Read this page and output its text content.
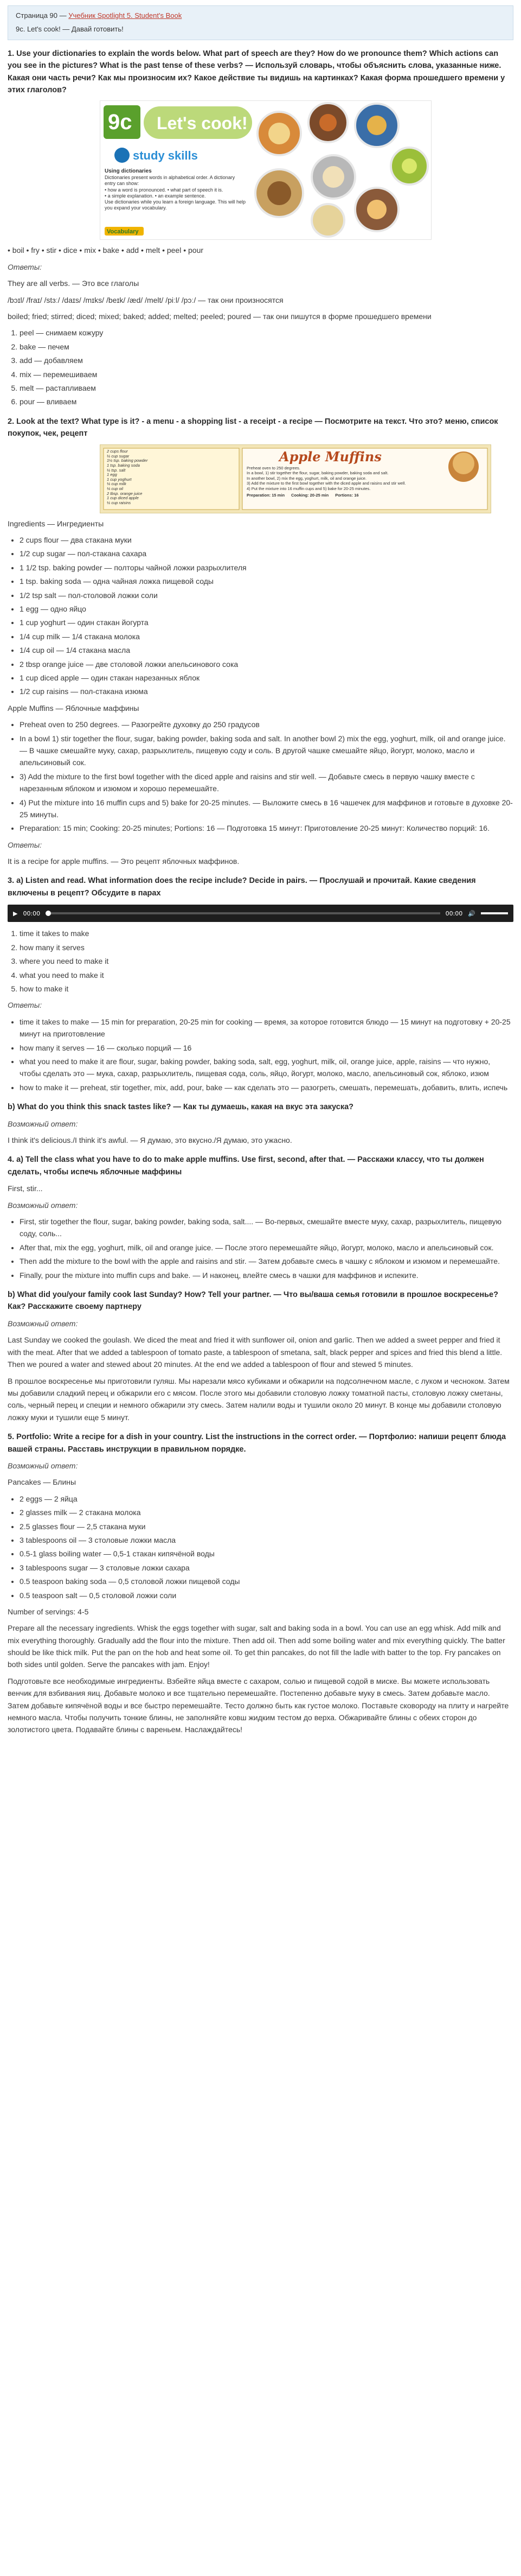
Страница 90 — Учебник Spotlight 5. Student's Book
9c. Let's cook! — Давай готовить!
1. Use your dictionaries to explain the words below. What part of speech are they? How do we pronounce them? Which actions can you see in the pictures? What is the past tense of these verbs? — Используй словарь, чтобы объяснить слова, указанные ниже. Какая они часть речи? Как мы произносим их? Какое действие ты видишь на картинках? Какая форма прошедшего времени у этих глаголов?
9c Let's cook!
study skills
Using dictionaries
Dictionaries present words in alphabetical order. A dictionary entry can show:
• how a word is pronounced. • what part of speech it is.
• a simple explanation. • an example sentence.
Use dictionaries while you learn a foreign language. This will help you expand your vocabulary.
Vocabulary

• boil • fry • stir • dice • mix • bake • add • melt • peel • pour

Ответы:

They are all verbs. — Это все глаголы

/bɔɪl/ /fraɪ/ /stɜː/ /daɪs/ /mɪks/ /beɪk/ /æd/ /melt/ /piːl/ /pɔː/ — так они произносятся

boiled; fried; stirred; diced; mixed; baked; added; melted; peeled; poured — так они пишутся в форме прошедшего времени

1. peel — снимаем кожуру
2. bake — печем
3. add — добавляем
4. mix — перемешиваем
5. melt — растапливаем
6. pour — вливаем
2. Look at the text? What type is it? - a menu - a shopping list - a receipt - a recipe — Посмотрите на текст. Что это? меню, список покупок, чек, рецепт
Apple Muffins
2 cups flour
½ cup sugar
1½ tsp. baking powder
1 tsp. baking soda
½ tsp. salt
1 egg
1 cup yoghurt
¼ cup milk
¼ cup oil
2 tbsp. orange juice
1 cup diced apple
½ cup raisins
Preheat oven to 250 degrees.
In a bowl, 1) stir together the flour, sugar, baking powder, baking soda and salt.
In another bowl, 2) mix the egg, yoghurt, milk, oil and orange juice.
3) Add the mixture to the first bowl together with the diced apple and raisins and stir well.
4) Put the mixture into 16 muffin cups and 5) bake for 20-25 minutes.
Preparation: 15 min Cooking: 20-25 min Portions: 16

Ingredients — Ингредиенты

• 2 cups flour — два стакана муки
• 1/2 cup sugar — пол-стакана сахара
• 1 1/2 tsp. baking powder — полторы чайной ложки разрыхлителя
• 1 tsp. baking soda — одна чайная ложка пищевой соды
• 1/2 tsp salt — пол-столовой ложки соли
• 1 egg — одно яйцо
• 1 cup yoghurt — один стакан йогурта
• 1/4 cup milk — 1/4 стакана молока
• 1/4 cup oil — 1/4 стакана масла
• 2 tbsp orange juice — две столовой ложки апельсинового сока
• 1 cup diced apple — один стакан нарезанных яблок
• 1/2 cup raisins — пол-стакана изюма

Apple Muffins — Яблочные маффины

• Preheat oven to 250 degrees. — Разогрейте духовку до 250 градусов
• In a bowl 1) stir together the flour, sugar, baking powder, baking soda and salt. In another bowl 2) mix the egg, yoghurt, milk, oil and orange juice. — В чашке смешайте муку, сахар, разрыхлитель, пищевую соду и соль. В другой чашке смешайте яйцо, йогурт, молоко, масло и апельсиновый сок.
• 3) Add the mixture to the first bowl together with the diced apple and raisins and stir well. — Добавьте смесь в первую чашку вместе с нарезанным яблоком и изюмом и хорошо перемешайте.
• 4) Put the mixture into 16 muffin cups and 5) bake for 20-25 minutes. — Выложите смесь в 16 чашечек для маффинов и готовьте в духовке 20-25 минуты.
• Preparation: 15 min; Cooking: 20-25 minutes; Portions: 16 — Подготовка 15 минут: Приготовление 20-25 минут: Количество порций: 16.

Ответы:

It is a recipe for apple muffins. — Это рецепт яблочных маффинов.

3. a) Listen and read. What information does the recipe include? Decide in pairs. — Прослушай и прочитай. Какие сведения включены в рецепт? Обсудите в парах
▶ 00:00	00:00 🔊
1. time it takes to make
2. how many it serves
3. where you need to make it
4. what you need to make it
5. how to make it

Ответы:

• time it takes to make — 15 min for preparation, 20-25 min for cooking — время, за которое готовится блюдо — 15 минут на подготовку + 20-25 минут на приготовление
• how many it serves — 16 — сколько порций — 16
• what you need to make it are flour, sugar, baking powder, baking soda, salt, egg, yoghurt, milk, oil, orange juice, apple, raisins — что нужно, чтобы сделать это — мука, сахар, разрыхлитель, пищевая сода, соль, яйцо, йогурт, молоко, масло, апельсиновый сок, яблоко, изюм
• how to make it — preheat, stir together, mix, add, pour, bake — как сделать это — разогреть, смешать, перемешать, добавить, влить, испечь
b) What do you think this snack tastes like? — Как ты думаешь, какая на вкус эта закуска?

Возможный ответ:

I think it's delicious./I think it's awful. — Я думаю, это вкусно./Я думаю, это ужасно.

4. a) Tell the class what you have to do to make apple muffins. Use first, second, after that. — Расскажи классу, что ты должен сделать, чтобы испечь яблочные маффины

First, stir...

Возможный ответ:

• First, stir together the flour, sugar, baking powder, baking soda, salt.... — Во-первых, смешайте вместе муку, сахар, разрыхлитель, пищевую соду, соль...
• After that, mix the egg, yoghurt, milk, oil and orange juice. — После этого перемешайте яйцо, йогурт, молоко, масло и апельсиновый сок.
• Then add the mixture to the bowl with the apple and raisins and stir. — Затем добавьте смесь в чашку с яблоком и изюмом и перемешайте.
• Finally, pour the mixture into muffin cups and bake. — И наконец, влейте смесь в чашки для маффинов и испеките.
b) What did you/your family cook last Sunday? How? Tell your partner. — Что вы/ваша семья готовили в прошлое воскресенье? Как? Расскажите своему партнеру

Возможный ответ:

Last Sunday we cooked the goulash. We diced the meat and fried it with sunflower oil, onion and garlic. Then we added a sweet pepper and fried it with the meat. After that we added a tablespoon of tomato paste, a tablespoon of smetana, salt, black pepper and spices and fried this blend a little. Then we poured a water and stewed about 20 minutes. At the end we added a tablespoon of flour and stewed 5 minutes.

В прошлое воскресенье мы приготовили гуляш. Мы нарезали мясо кубиками и обжарили на подсолнечном масле, с луком и чесноком. Затем мы добавили сладкий перец и обжарили его с мясом. После этого мы добавили столовую ложку томатной пасты, столовую ложку сметаны, соль, черный перец и специи и немного обжарили эту смесь. Затем налили воды и тушили около 20 минут. В конце мы добавили столовую ложку муки и тушили еще 5 минут.

5. Portfolio: Write a recipe for a dish in your country. List the instructions in the correct order. — Портфолио: напиши рецепт блюда вашей страны. Расставь инструкции в правильном порядке.

Возможный ответ:

Pancakes — Блины

• 2 eggs — 2 яйца
• 2 glasses milk — 2 стакана молока
• 2.5 glasses flour — 2,5 стакана муки
• 3 tablespoons oil — 3 столовые ложки масла
• 0.5-1 glass boiling water — 0,5-1 стакан кипячёной воды
• 3 tablespoons sugar — 3 столовые ложки сахара
• 0.5 teaspoon baking soda — 0,5 столовой ложки пищевой соды
• 0.5 teaspoon salt — 0,5 столовой ложки соли

Number of servings: 4-5

Prepare all the necessary ingredients. Whisk the eggs together with sugar, salt and baking soda in a bowl. You can use an egg whisk. Add milk and mix everything thoroughly. Gradually add the flour into the mixture. Then add oil. Then add some boiling water and mix everything quickly. The batter should be like thick milk. Put the pan on the hob and heat some oil. To get thin pancakes, do not fill the ladle with batter to the top. Fry pancakes on both sides until golden. Serve the pancakes with jam. Enjoy!

Подготовьте все необходимые ингредиенты. Взбейте яйца вместе с сахаром, солью и пищевой содой в миске. Вы можете использовать венчик для взбивания яиц. Добавьте молоко и все тщательно перемешайте. Постепенно добавьте муку в смесь. Затем добавьте масло. Затем добавьте кипячёной воды и все быстро перемешайте. Тесто должно быть как густое молоко. Поставьте сковороду на плиту и нагрейте немного масла. Чтобы получить тонкие блины, не заполняйте ковш жидким тестом до верха. Обжаривайте блины с обеих сторон до золотистого цвета. Подавайте блины с вареньем. Наслаждайтесь!
